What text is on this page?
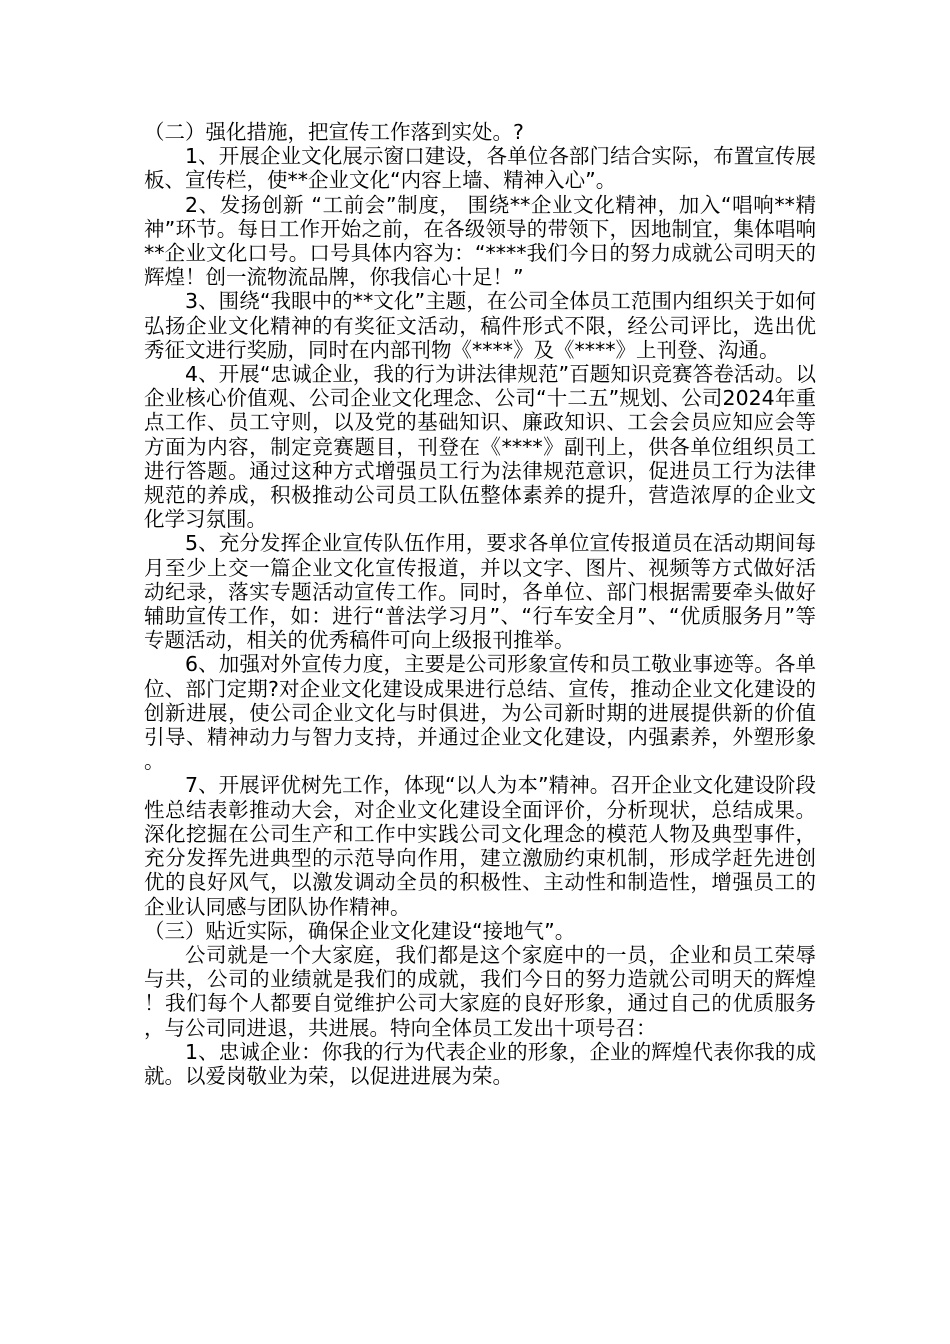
（二）强化措施，把宣传工作落到实处。?

1、开展企业文化展示窗口建设，各单位各部门结合实际，布置宣传展板、宣传栏，使**企业文化“内容上墙、精神入心”。

2、发扬创新 “工前会”制度， 围绕**企业文化精神，加入“唱响**精神”环节。每日工作开始之前，在各级领导的带领下，因地制宜，集体唱响**企业文化口号。口号具体内容为：“****我们今日的努力成就公司明天的辉煌！创一流物流品牌，你我信心十足！”

3、围绕“我眼中的**文化”主题，在公司全体员工范围内组织关于如何弘扬企业文化精神的有奖征文活动，稿件形式不限，经公司评比，选出优秀征文进行奖励，同时在内部刊物《****》及《****》上刊登、沟通。

4、开展“忠诚企业，我的行为讲法律规范”百题知识竞赛答卷活动。以企业核心价值观、公司企业文化理念、公司“十二五”规划、公司2024年重点工作、员工守则，以及党的基础知识、廉政知识、工会会员应知应会等方面为内容，制定竞赛题目，刊登在《****》副刊上，供各单位组织员工进行答题。通过这种方式增强员工行为法律规范意识，促进员工行为法律规范的养成，积极推动公司员工队伍整体素养的提升，营造浓厚的企业文化学习氛围。

5、充分发挥企业宣传队伍作用，要求各单位宣传报道员在活动期间每月至少上交一篇企业文化宣传报道，并以文字、图片、视频等方式做好活动纪录，落实专题活动宣传工作。同时，各单位、部门根据需要牵头做好辅助宣传工作，如：进行“普法学习月”、“行车安全月”、“优质服务月”等专题活动，相关的优秀稿件可向上级报刊推举。

6、加强对外宣传力度，主要是公司形象宣传和员工敬业事迹等。各单位、部门定期?对企业文化建设成果进行总结、宣传，推动企业文化建设的创新进展，使公司企业文化与时俱进，为公司新时期的进展提供新的价值引导、精神动力与智力支持，并通过企业文化建设，内强素养，外塑形象。

7、开展评优树先工作，体现“以人为本”精神。召开企业文化建设阶段性总结表彰推动大会，对企业文化建设全面评价，分析现状，总结成果。深化挖掘在公司生产和工作中实践公司文化理念的模范人物及典型事件，充分发挥先进典型的示范导向作用，建立激励约束机制，形成学赶先进创优的良好风气，以激发调动全员的积极性、主动性和制造性，增强员工的企业认同感与团队协作精神。

（三）贴近实际，确保企业文化建设“接地气”。

公司就是一个大家庭，我们都是这个家庭中的一员，企业和员工荣辱与共，公司的业绩就是我们的成就，我们今日的努力造就公司明天的辉煌！我们每个人都要自觉维护公司大家庭的良好形象，通过自己的优质服务，与公司同进退，共进展。特向全体员工发出十项号召：

1、忠诚企业：你我的行为代表企业的形象，企业的辉煌代表你我的成就。以爱岗敬业为荣，以促进进展为荣。
